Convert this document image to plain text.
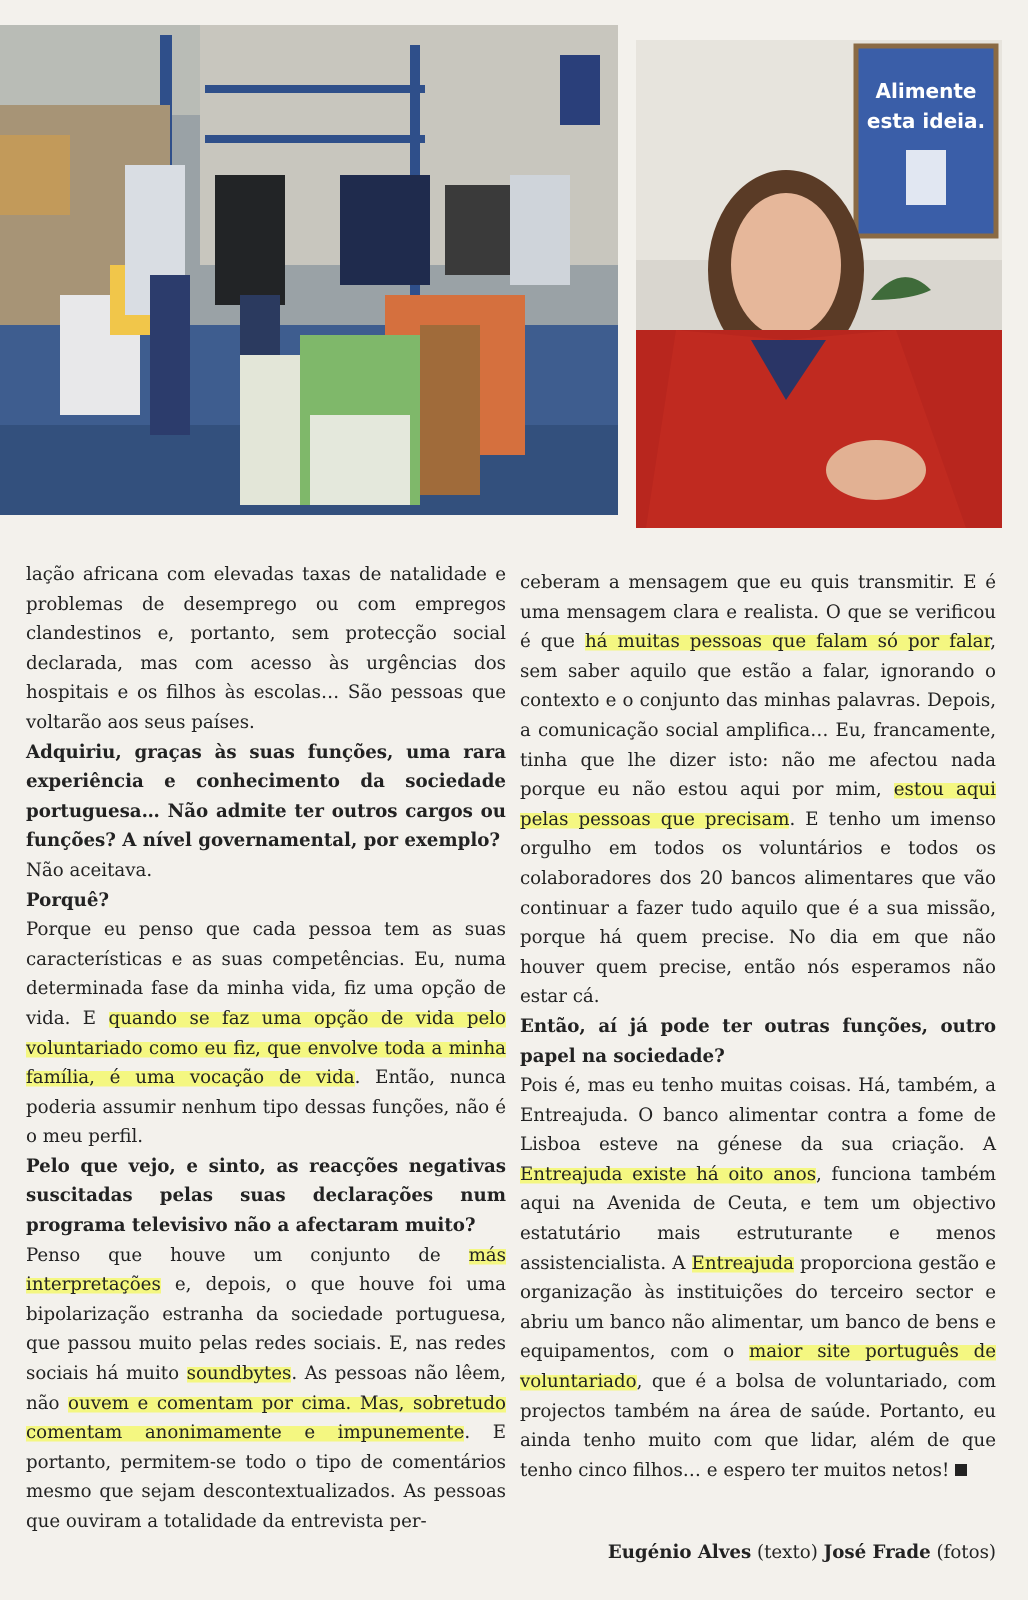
Alimente
esta ideia.

lação africana com elevadas taxas de natalidade e problemas de desemprego ou com empregos clandestinos e, portanto, sem protecção social declarada, mas com acesso às urgências dos hospitais e os filhos às escolas… São pessoas que voltarão aos seus países.

Adquiriu, graças às suas funções, uma rara experiência e conhecimento da sociedade portuguesa… Não admite ter outros cargos ou funções? A nível governamental, por exemplo?

Não aceitava.

Porquê?

Porque eu penso que cada pessoa tem as suas características e as suas competências. Eu, numa determinada fase da minha vida, fiz uma opção de vida. E quando se faz uma opção de vida pelo voluntariado como eu fiz, que envolve toda a minha família, é uma vocação de vida. Então, nunca poderia assumir nenhum tipo dessas funções, não é o meu perfil.

Pelo que vejo, e sinto, as reacções negativas suscitadas pelas suas declarações num programa televisivo não a afectaram muito?

Penso que houve um conjunto de más interpretações e, depois, o que houve foi uma bipolarização estranha da sociedade portuguesa, que passou muito pelas redes sociais. E, nas redes sociais há muito soundbytes. As pessoas não lêem, não ouvem e comentam por cima. Mas, sobretudo comentam anonimamente e impunemente. E portanto, permitem-se todo o tipo de comentários mesmo que sejam descontextualizados. As pessoas que ouviram a totalidade da entrevista per-

ceberam a mensagem que eu quis transmitir. E é uma mensagem clara e realista. O que se verificou é que há muitas pessoas que falam só por falar, sem saber aquilo que estão a falar, ignorando o contexto e o conjunto das minhas palavras. Depois, a comunicação social amplifica… Eu, francamente, tinha que lhe dizer isto: não me afectou nada porque eu não estou aqui por mim, estou aqui pelas pessoas que precisam. E tenho um imenso orgulho em todos os voluntários e todos os colaboradores dos 20 bancos alimentares que vão continuar a fazer tudo aquilo que é a sua missão, porque há quem precise. No dia em que não houver quem precise, então nós esperamos não estar cá.

Então, aí já pode ter outras funções, outro papel na sociedade?

Pois é, mas eu tenho muitas coisas. Há, também, a Entreajuda. O banco alimentar contra a fome de Lisboa esteve na génese da sua criação. A Entreajuda existe há oito anos, funciona também aqui na Avenida de Ceuta, e tem um objectivo estatutário mais estruturante e menos assistencialista. A Entreajuda proporciona gestão e organização às instituições do terceiro sector e abriu um banco não alimentar, um banco de bens e equipamentos, com o maior site português de voluntariado, que é a bolsa de voluntariado, com projectos também na área de saúde. Portanto, eu ainda tenho muito com que lidar, além de que tenho cinco filhos… e espero ter muitos netos!

Eugénio Alves (texto) José Frade (fotos)
